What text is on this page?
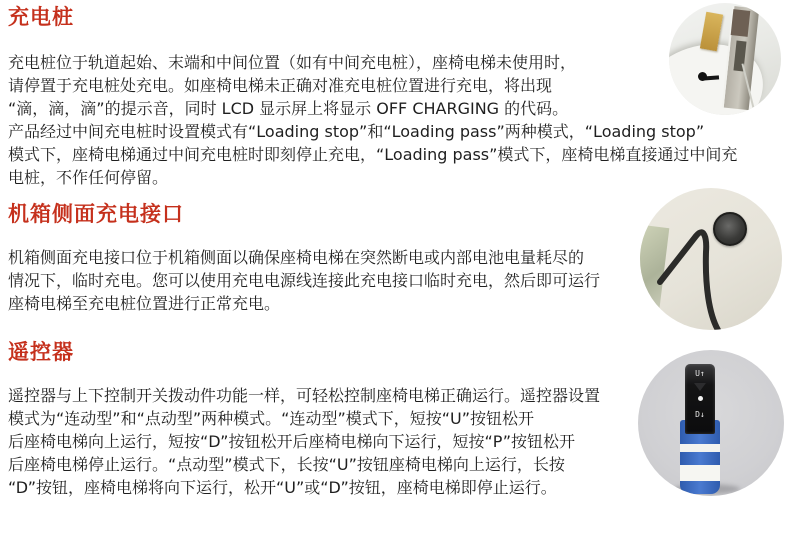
充电桩
充电桩位于轨道起始、末端和中间位置（如有中间充电桩），座椅电梯未使用时，
请停置于充电桩处充电。如座椅电梯未正确对准充电桩位置进行充电，将出现
“滴，滴，滴”的提示音，同时 LCD 显示屏上将显示 OFF CHARGING 的代码。
产品经过中间充电桩时设置模式有“Loading stop”和“Loading pass”两种模式，“Loading stop”
模式下，座椅电梯通过中间充电桩时即刻停止充电，“Loading pass”模式下，座椅电梯直接通过中间充
电桩，不作任何停留。
机箱侧面充电接口
机箱侧面充电接口位于机箱侧面以确保座椅电梯在突然断电或内部电池电量耗尽的
情况下，临时充电。您可以使用充电电源线连接此充电接口临时充电，然后即可运行
座椅电梯至充电桩位置进行正常充电。
遥控器
遥控器与上下控制开关拨动件功能一样，可轻松控制座椅电梯正确运行。遥控器设置
模式为“连动型”和“点动型”两种模式。“连动型”模式下，短按“U”按钮松开
后座椅电梯向上运行，短按“D”按钮松开后座椅电梯向下运行，短按“P”按钮松开
后座椅电梯停止运行。“点动型”模式下，长按“U”按钮座椅电梯向上运行，长按
“D”按钮，座椅电梯将向下运行，松开“U”或“D”按钮，座椅电梯即停止运行。
U↑
D↓
